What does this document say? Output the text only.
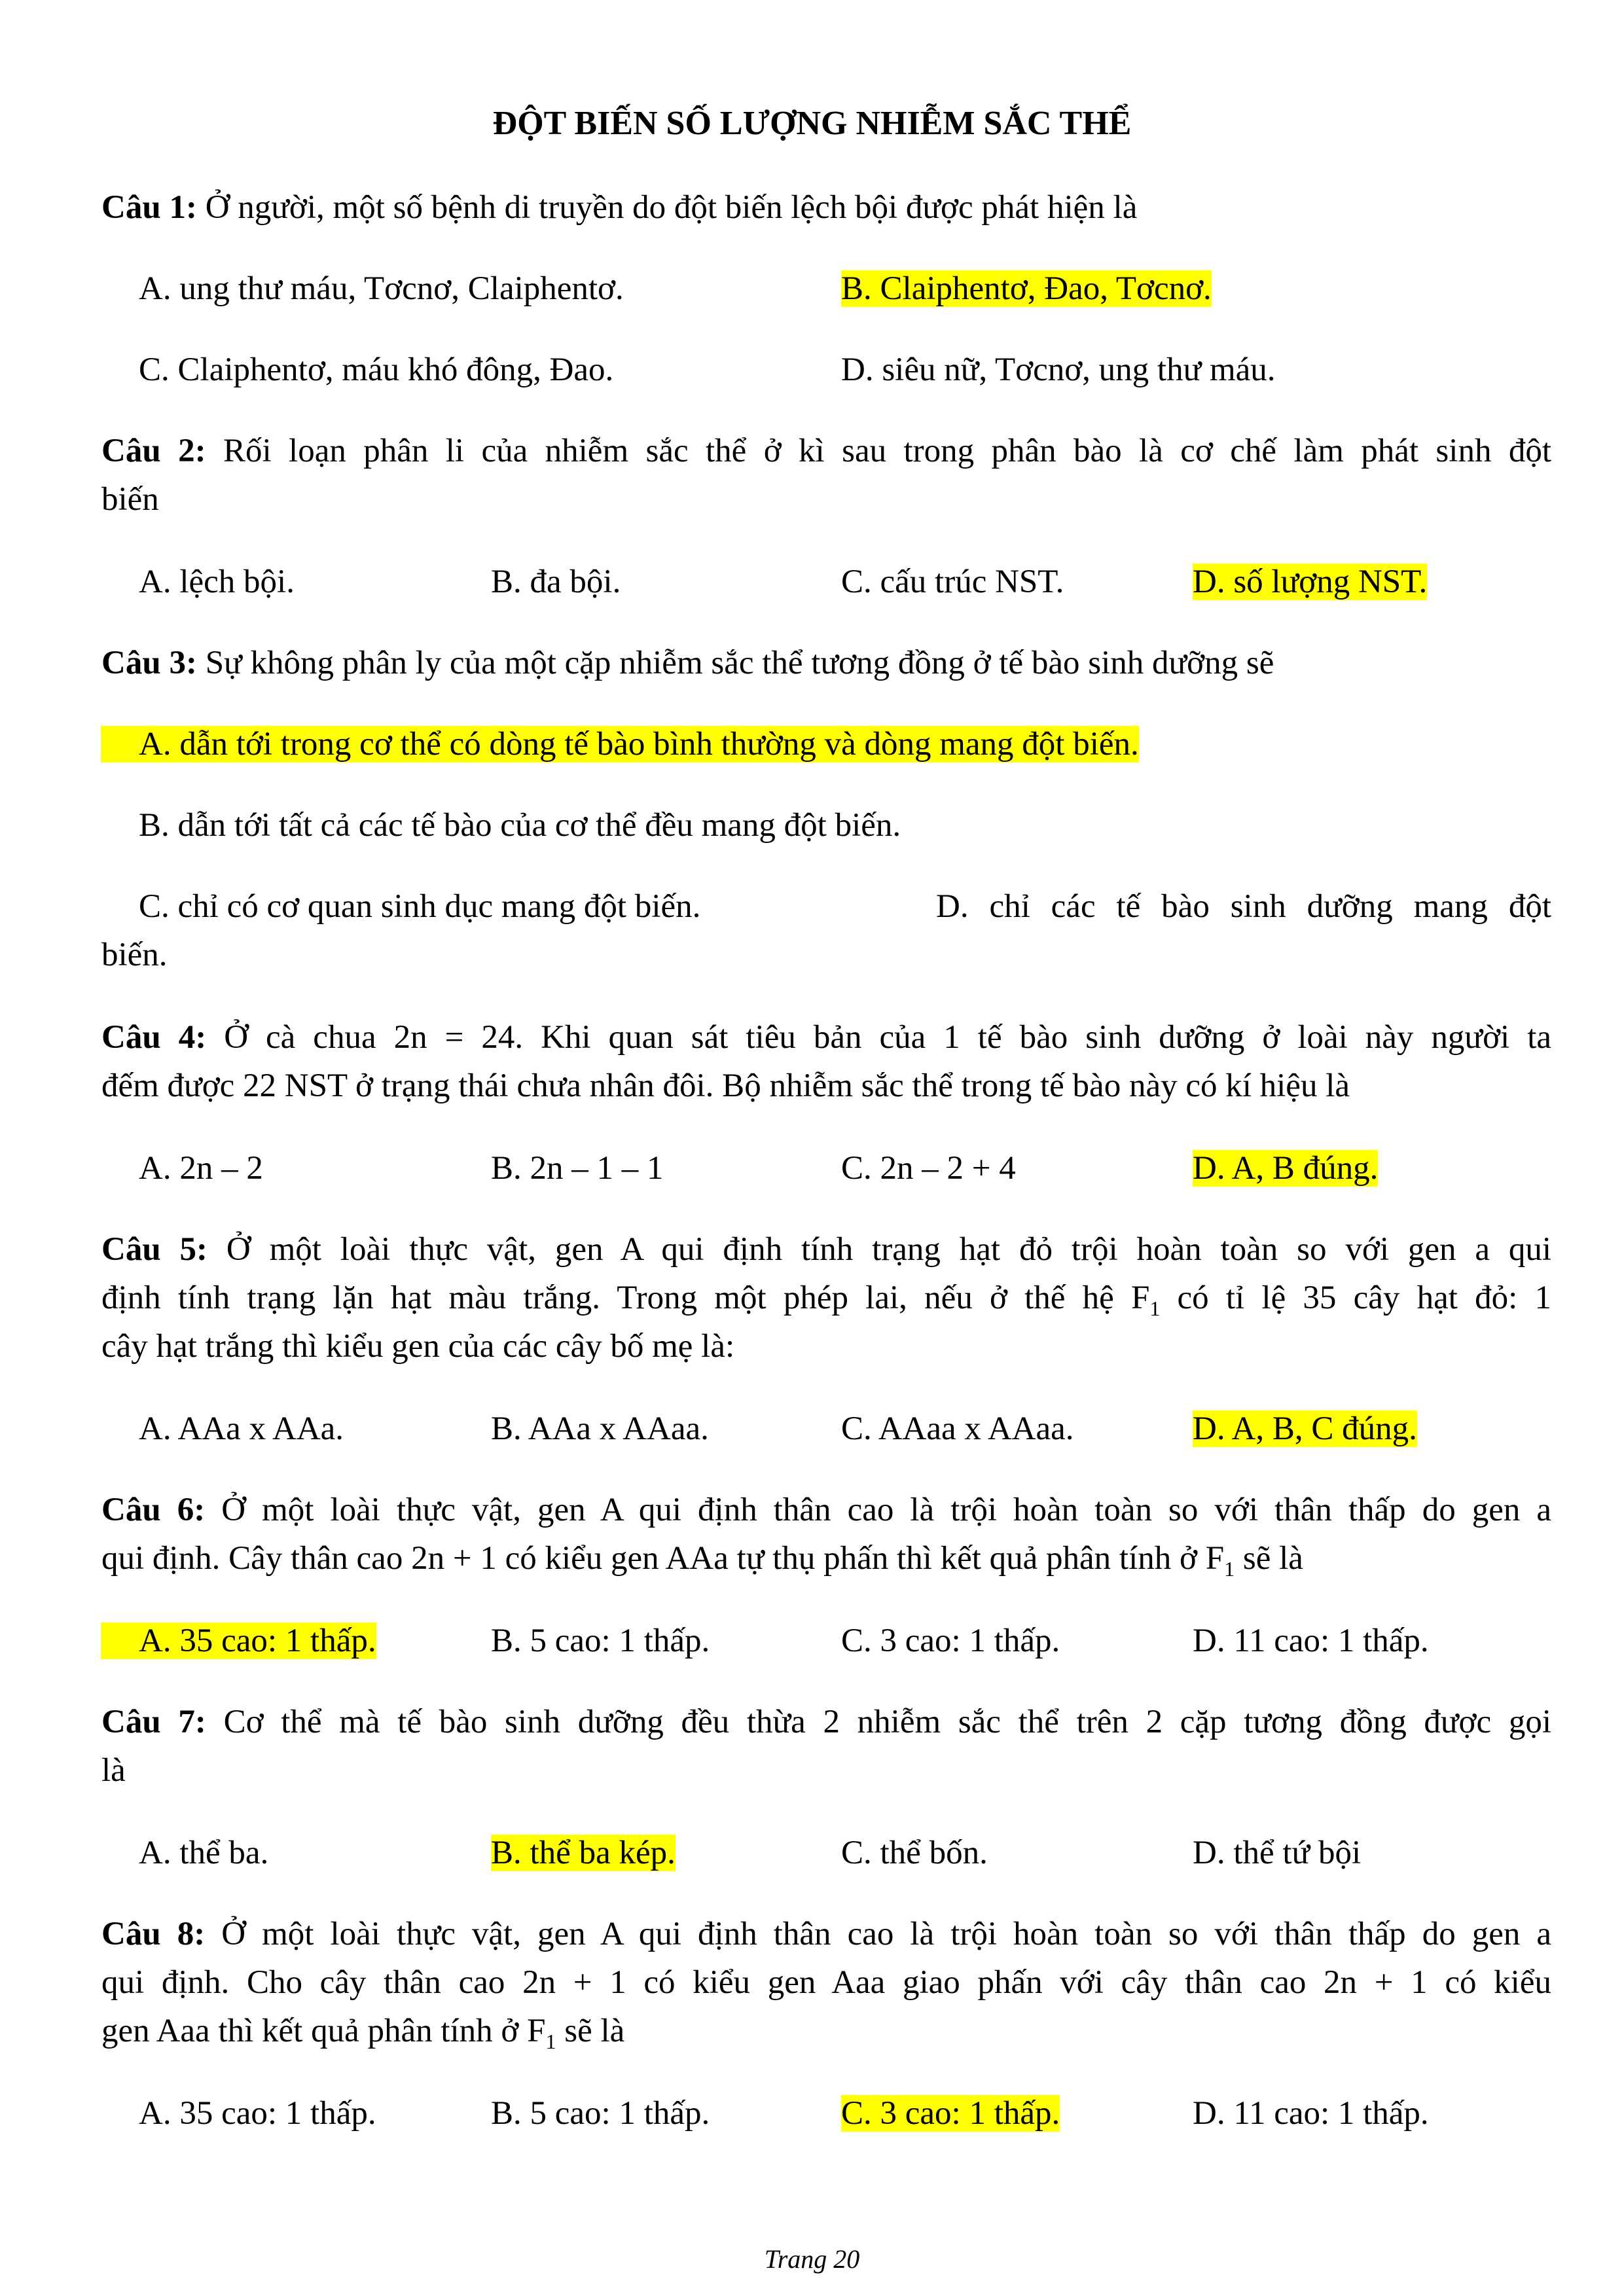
ĐỘT BIẾN SỐ LƯỢNG NHIỄM SẮC THỂ
Câu 1: Ở người, một số bệnh di truyền do đột biến lệch bội được phát hiện là
A. ung thư máu, Tơcnơ, Claiphentơ.	B. Claiphentơ, Đao, Tơcnơ.
C. Claiphentơ, máu khó đông, Đao.	D. siêu nữ, Tơcnơ, ung thư máu.
Câu 2: Rối loạn phân li của nhiễm sắc thể ở kì sau trong phân bào là cơ chế làm phát sinh đột
biến
A. lệch bội.	B. đa bội.	C. cấu trúc NST.	D. số lượng NST.
Câu 3: Sự không phân ly của một cặp nhiễm sắc thể tương đồng ở tế bào sinh dưỡng sẽ
A. dẫn tới trong cơ thể có dòng tế bào bình thường và dòng mang đột biến.
B. dẫn tới tất cả các tế bào của cơ thể đều mang đột biến.
C. chỉ có cơ quan sinh dục mang đột biến.	D. chỉ các tế bào sinh dưỡng mang đột
biến.
Câu 4: Ở cà chua 2n = 24. Khi quan sát tiêu bản của 1 tế bào sinh dưỡng ở loài này người ta
đếm được 22 NST ở trạng thái chưa nhân đôi. Bộ nhiễm sắc thể trong tế bào này có kí hiệu là
A. 2n – 2	B. 2n – 1 – 1	C. 2n – 2 + 4	D. A, B đúng.
Câu 5: Ở một loài thực vật, gen A qui định tính trạng hạt đỏ trội hoàn toàn so với gen a qui
định tính trạng lặn hạt màu trắng. Trong một phép lai, nếu ở thế hệ $F_1$ có tỉ lệ 35 cây hạt đỏ: 1
cây hạt trắng thì kiểu gen của các cây bố mẹ là:
A. AAa x AAa.	B. AAa x AAaa.	C. AAaa x AAaa.	D. A, B, C đúng.
Câu 6: Ở một loài thực vật, gen A qui định thân cao là trội hoàn toàn so với thân thấp do gen a
qui định. Cây thân cao 2n + 1 có kiểu gen AAa tự thụ phấn thì kết quả phân tính ở $F_1$ sẽ là
A. 35 cao: 1 thấp.	B. 5 cao: 1 thấp.	C. 3 cao: 1 thấp.	D. 11 cao: 1 thấp.
Câu 7: Cơ thể mà tế bào sinh dưỡng đều thừa 2 nhiễm sắc thể trên 2 cặp tương đồng được gọi
là
A. thể ba.	B. thể ba kép.	C. thể bốn.	D. thể tứ bội
Câu 8: Ở một loài thực vật, gen A qui định thân cao là trội hoàn toàn so với thân thấp do gen a
qui định. Cho cây thân cao 2n + 1 có kiểu gen Aaa giao phấn với cây thân cao 2n + 1 có kiểu
gen Aaa thì kết quả phân tính ở $F_1$ sẽ là
A. 35 cao: 1 thấp.	B. 5 cao: 1 thấp.	C. 3 cao: 1 thấp.	D. 11 cao: 1 thấp.
Trang 20
